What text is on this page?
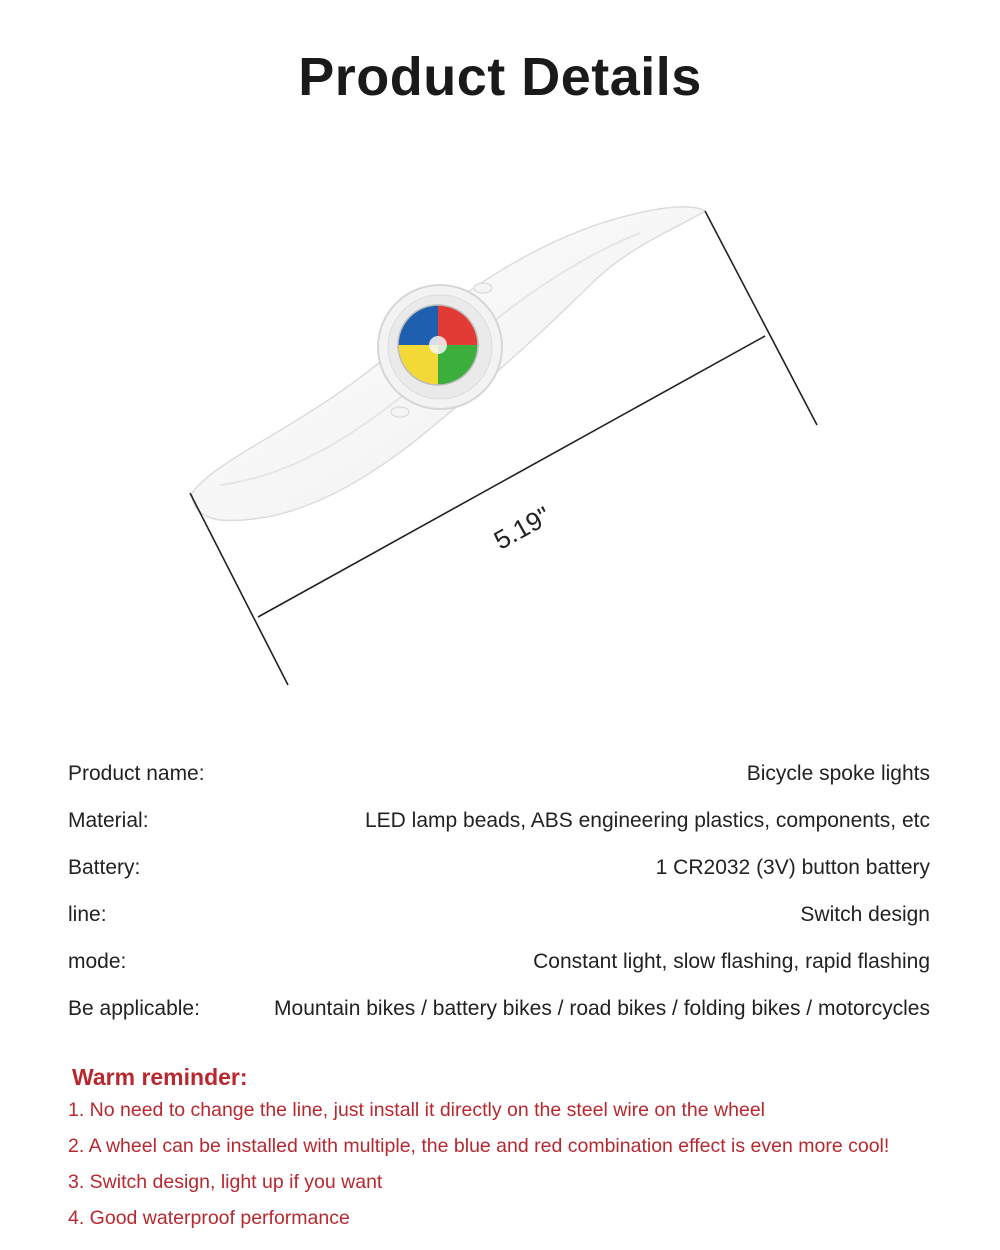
Product Details
5.19"
Product name:	Bicycle spoke lights
Material:	LED lamp beads, ABS engineering plastics, components, etc
Battery:	1 CR2032 (3V) button battery
line:	Switch design
mode:	Constant light, slow flashing, rapid flashing
Be applicable:	Mountain bikes / battery bikes / road bikes / folding bikes / motorcycles
Warm reminder:
1. No need to change the line, just install it directly on the steel wire on the wheel
2. A wheel can be installed with multiple, the blue and red combination effect is even more cool!
3. Switch design, light up if you want
4. Good waterproof performance
